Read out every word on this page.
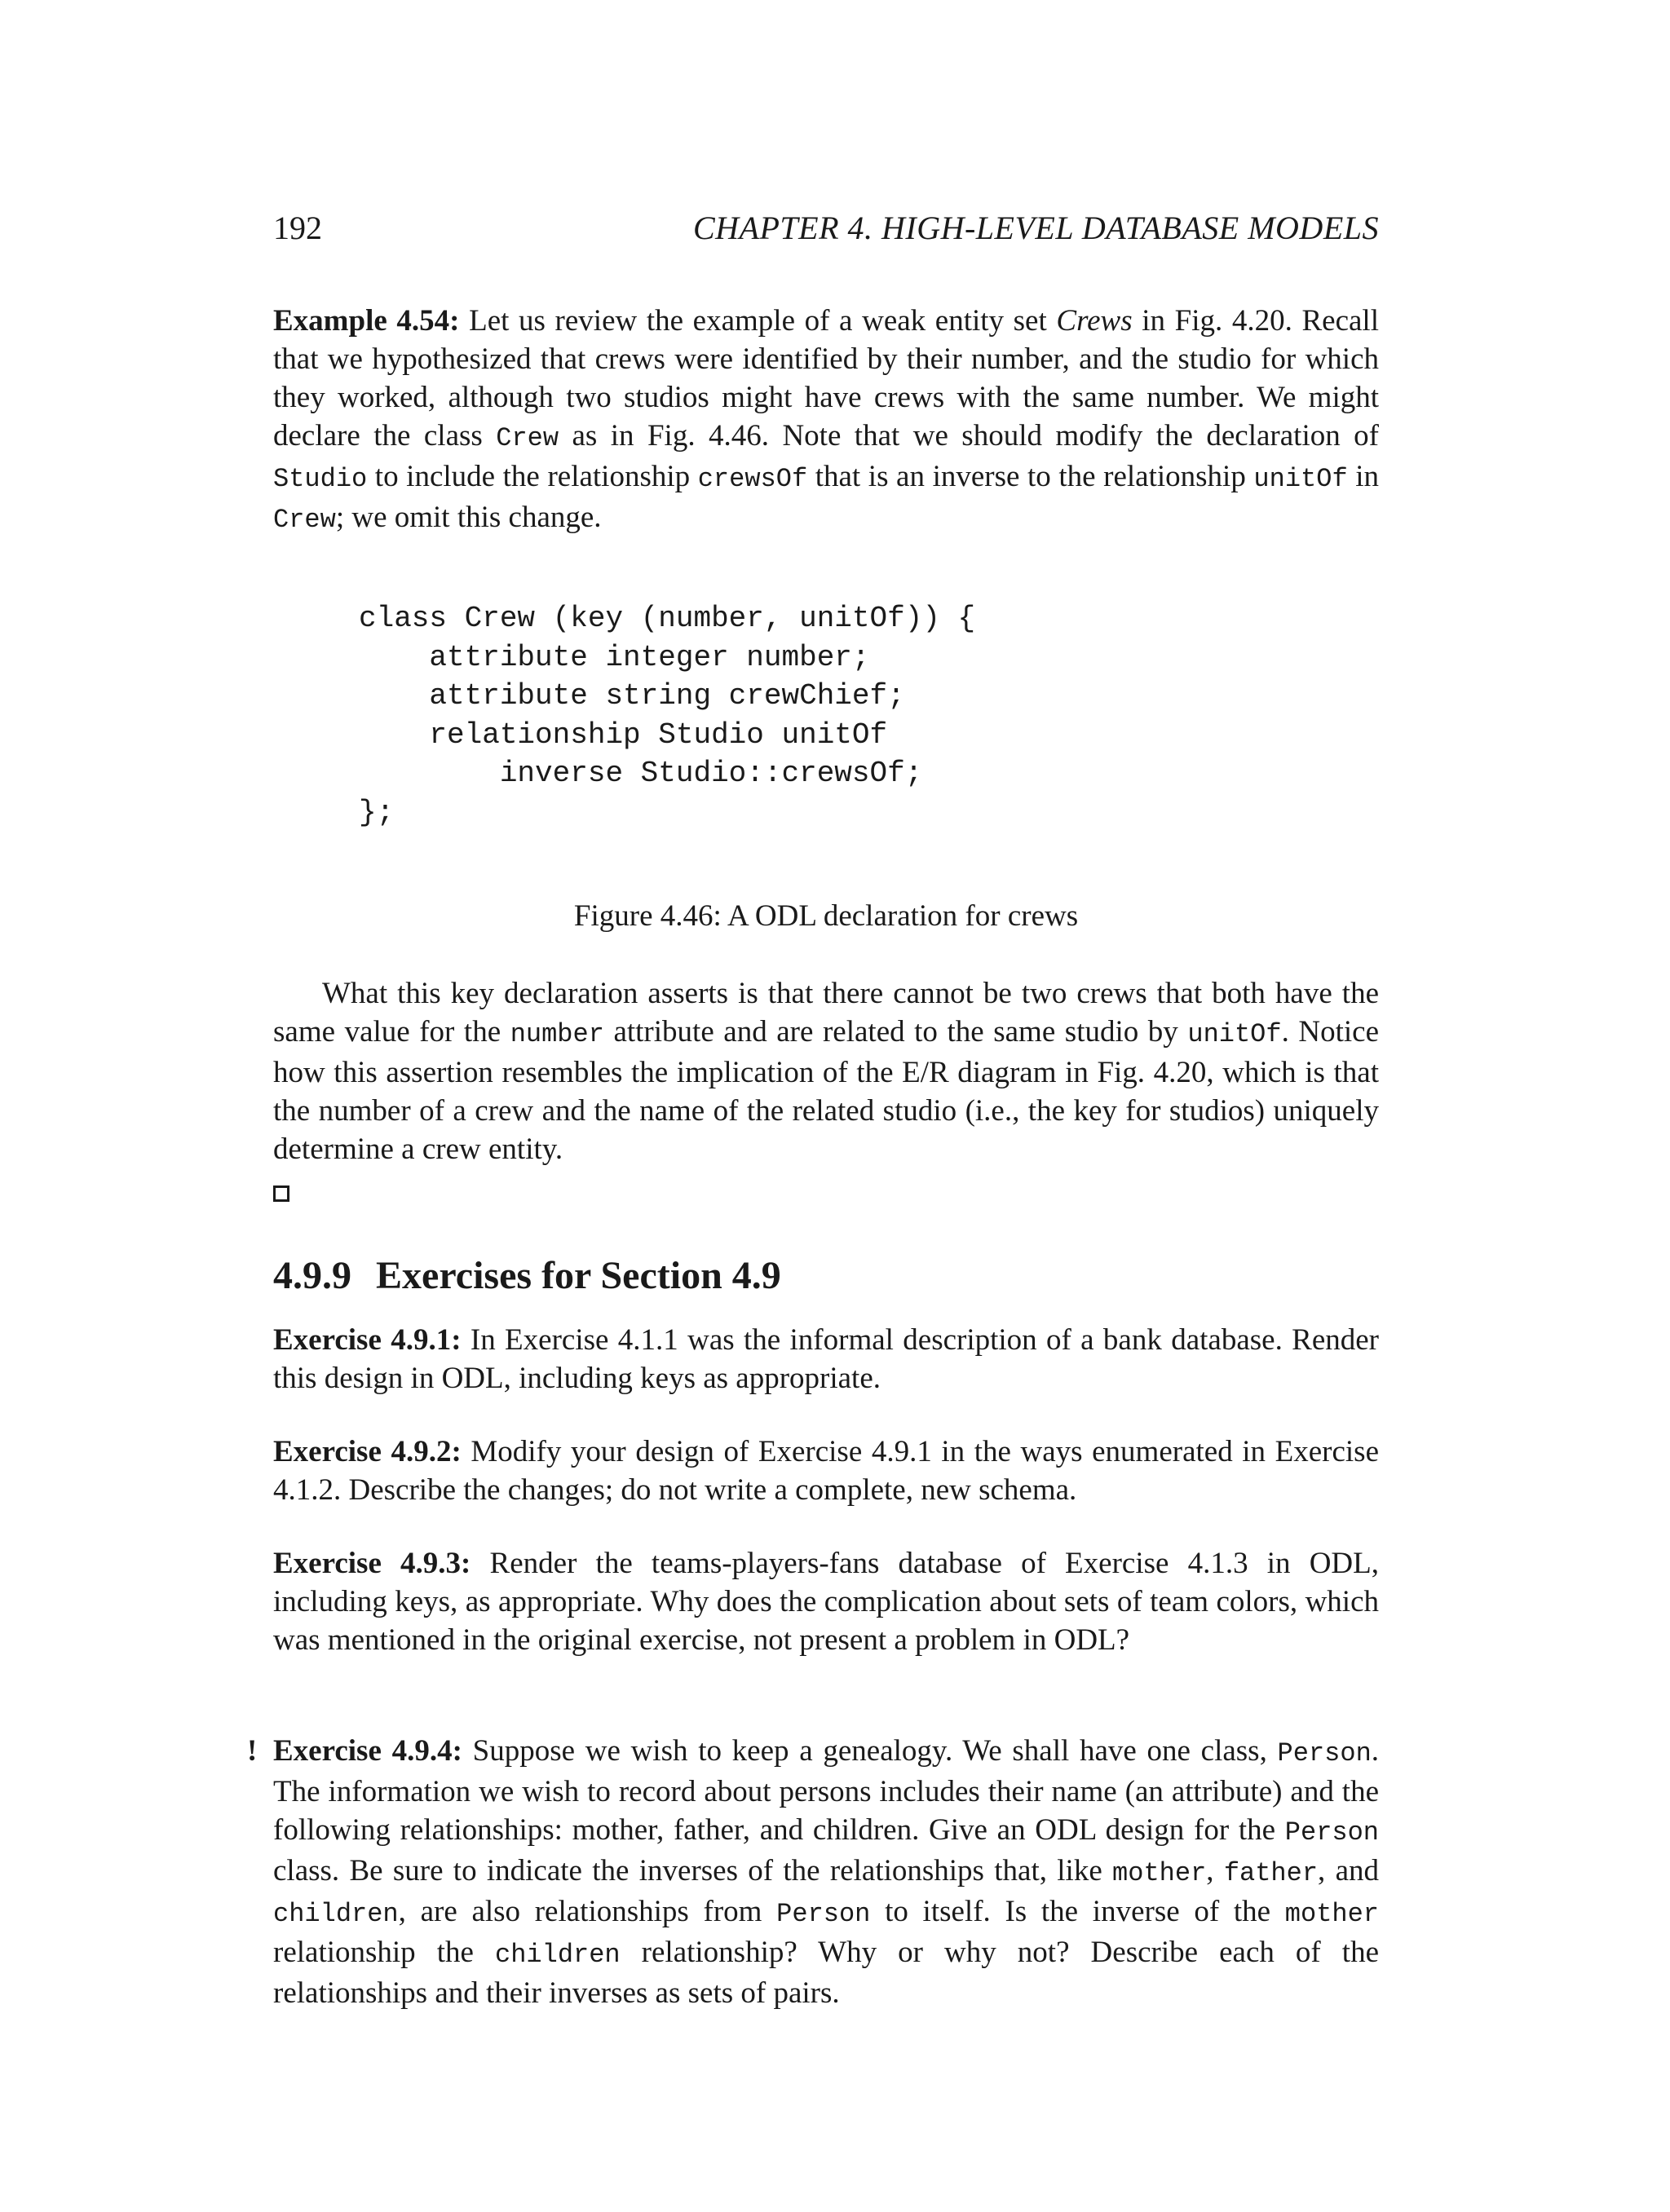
192	CHAPTER 4. HIGH-LEVEL DATABASE MODELS

Example 4.54: Let us review the example of a weak entity set Crews in Fig. 4.20. Recall that we hypothesized that crews were identified by their number, and the studio for which they worked, although two studios might have crews with the same number. We might declare the class Crew as in Fig. 4.46. Note that we should modify the declaration of Studio to include the relationship crewsOf that is an inverse to the relationship unitOf in Crew; we omit this change.

class Crew (key (number, unitOf)) {
attribute integer number;
attribute string crewChief;
relationship Studio unitOf
inverse Studio::crewsOf;
};
Figure 4.46: A ODL declaration for crews

What this key declaration asserts is that there cannot be two crews that both have the same value for the number attribute and are related to the same studio by unitOf. Notice how this assertion resembles the implication of the E/R diagram in Fig. 4.20, which is that the number of a crew and the name of the related studio (i.e., the key for studios) uniquely determine a crew entity.

4.9.9 Exercises for Section 4.9

Exercise 4.9.1: In Exercise 4.1.1 was the informal description of a bank database. Render this design in ODL, including keys as appropriate.

Exercise 4.9.2: Modify your design of Exercise 4.9.1 in the ways enumerated in Exercise 4.1.2. Describe the changes; do not write a complete, new schema.

Exercise 4.9.3: Render the teams-players-fans database of Exercise 4.1.3 in ODL, including keys, as appropriate. Why does the complication about sets of team colors, which was mentioned in the original exercise, not present a problem in ODL?

! Exercise 4.9.4: Suppose we wish to keep a genealogy. We shall have one class, Person. The information we wish to record about persons includes their name (an attribute) and the following relationships: mother, father, and children. Give an ODL design for the Person class. Be sure to indicate the inverses of the relationships that, like mother, father, and children, are also relationships from Person to itself. Is the inverse of the mother relationship the children relationship? Why or why not? Describe each of the relationships and their inverses as sets of pairs.
